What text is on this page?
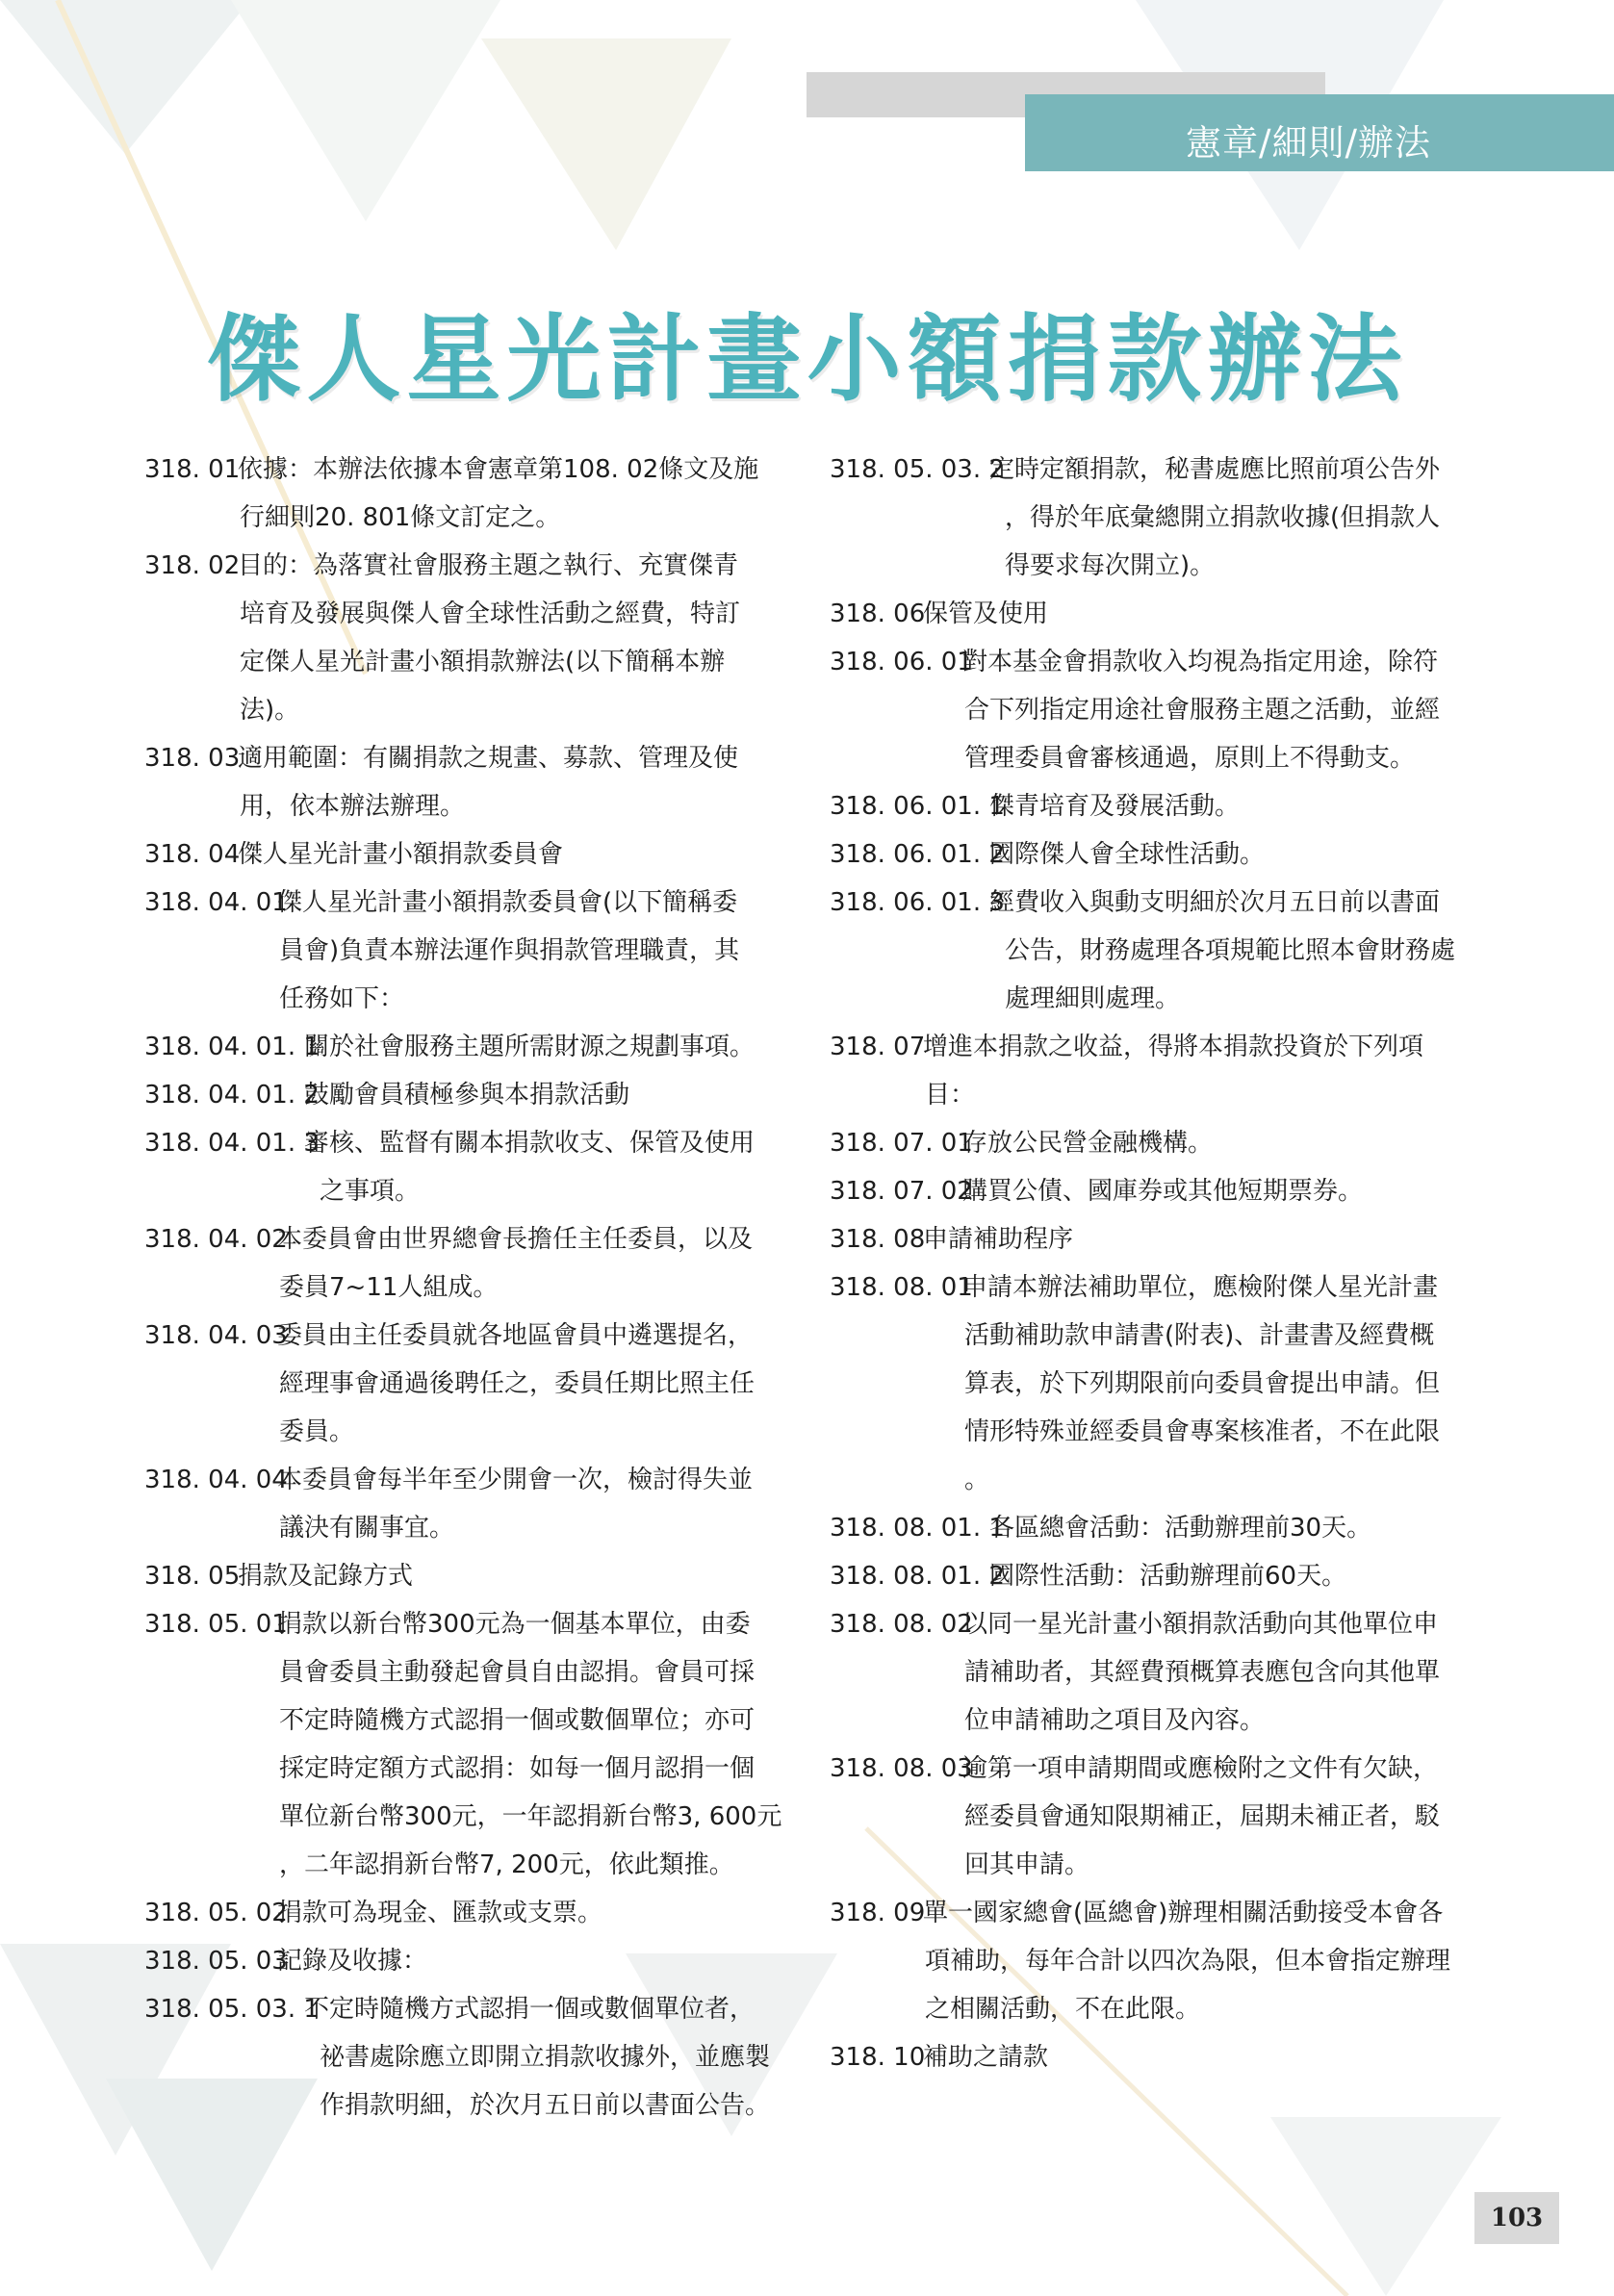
憲章/細則/辦法
傑人星光計畫小額捐款辦法
318. 01
依據：本辦法依據本會憲章第108. 02條文及施
行細則20. 801條文訂定之。
318. 02
目的：為落實社會服務主題之執行、充實傑青
培育及發展與傑人會全球性活動之經費，特訂
定傑人星光計畫小額捐款辦法(以下簡稱本辦
法)。
318. 03
適用範圍：有關捐款之規畫、募款、管理及使
用，依本辦法辦理。
318. 04
傑人星光計畫小額捐款委員會
318. 04. 01
傑人星光計畫小額捐款委員會(以下簡稱委
員會)負責本辦法運作與捐款管理職責，其
任務如下：
318. 04. 01. 1
關於社會服務主題所需財源之規劃事項。
318. 04. 01. 2
鼓勵會員積極參與本捐款活動
318. 04. 01. 3
審核、監督有關本捐款收支、保管及使用
之事項。
318. 04. 02
本委員會由世界總會長擔任主任委員，以及
委員7~11人組成。
318. 04. 03
委員由主任委員就各地區會員中遴選提名，
經理事會通過後聘任之，委員任期比照主任
委員。
318. 04. 04
本委員會每半年至少開會一次，檢討得失並
議決有關事宜。
318. 05
捐款及記錄方式
318. 05. 01
捐款以新台幣300元為一個基本單位，由委
員會委員主動發起會員自由認捐。會員可採
不定時隨機方式認捐一個或數個單位；亦可
採定時定額方式認捐：如每一個月認捐一個
單位新台幣300元，一年認捐新台幣3, 600元
，二年認捐新台幣7, 200元，依此類推。
318. 05. 02
捐款可為現金、匯款或支票。
318. 05. 03
記錄及收據：
318. 05. 03. 1
不定時隨機方式認捐一個或數個單位者，
祕書處除應立即開立捐款收據外，並應製
作捐款明細，於次月五日前以書面公告。
318. 05. 03. 2
定時定額捐款，秘書處應比照前項公告外
，得於年底彙總開立捐款收據(但捐款人
得要求每次開立)。
318. 06
保管及使用
318. 06. 01
對本基金會捐款收入均視為指定用途，除符
合下列指定用途社會服務主題之活動，並經
管理委員會審核通過，原則上不得動支。
318. 06. 01. 1
傑青培育及發展活動。
318. 06. 01. 2
國際傑人會全球性活動。
318. 06. 01. 3
經費收入與動支明細於次月五日前以書面
公告，財務處理各項規範比照本會財務處
處理細則處理。
318. 07
增進本捐款之收益，得將本捐款投資於下列項
目：
318. 07. 01
存放公民營金融機構。
318. 07. 02
購買公債、國庫券或其他短期票券。
318. 08
申請補助程序
318. 08. 01
申請本辦法補助單位，應檢附傑人星光計畫
活動補助款申請書(附表)、計畫書及經費概
算表，於下列期限前向委員會提出申請。但
情形特殊並經委員會專案核准者，不在此限
。
318. 08. 01. 1
各區總會活動：活動辦理前30天。
318. 08. 01. 2
國際性活動：活動辦理前60天。
318. 08. 02
以同一星光計畫小額捐款活動向其他單位申
請補助者，其經費預概算表應包含向其他單
位申請補助之項目及內容。
318. 08. 03
逾第一項申請期間或應檢附之文件有欠缺，
經委員會通知限期補正，屆期未補正者，駁
回其申請。
318. 09
單一國家總會(區總會)辦理相關活動接受本會各
項補助，每年合計以四次為限，但本會指定辦理
之相關活動，不在此限。
318. 10
補助之請款
103
